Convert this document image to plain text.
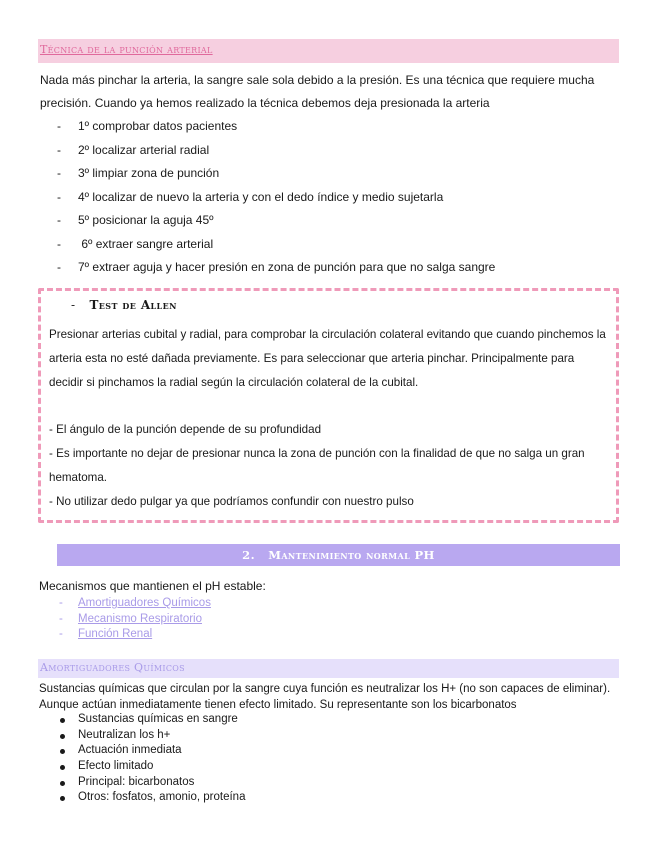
Técnica de la punción arterial
Nada más pinchar la arteria, la sangre sale sola debido a la presión. Es una técnica que requiere mucha
precisión. Cuando ya hemos realizado la técnica debemos deja presionada la arteria
- 1º comprobar datos pacientes
- 2º localizar arterial radial
- 3º limpiar zona de punción
- 4º localizar de nuevo la arteria y con el dedo índice y medio sujetarla
- 5º posicionar la aguja 45º
- 6º extraer sangre arterial
- 7º extraer aguja y hacer presión en zona de punción para que no salga sangre
- Test de Allen
Presionar arterias cubital y radial, para comprobar la circulación colateral evitando que cuando pinchemos la
arteria esta no esté dañada previamente. Es para seleccionar que arteria pinchar. Principalmente para
decidir si pinchamos la radial según la circulación colateral de la cubital.
- El ángulo de la punción depende de su profundidad
- Es importante no dejar de presionar nunca la zona de punción con la finalidad de que no salga un gran
hematoma.
- No utilizar dedo pulgar ya que podríamos confundir con nuestro pulso
2.   Mantenimiento normal PH
Mecanismos que mantienen el pH estable:
- Amortiguadores Químicos
- Mecanismo Respiratorio
- Función Renal
Amortiguadores Químicos
Sustancias químicas que circulan por la sangre cuya función es neutralizar los H+ (no son capaces de eliminar).
Aunque actúan inmediatamente tienen efecto limitado. Su representante son los bicarbonatos
Sustancias químicas en sangre
Neutralizan los h+
Actuación inmediata
Efecto limitado
Principal: bicarbonatos
Otros: fosfatos, amonio, proteína
